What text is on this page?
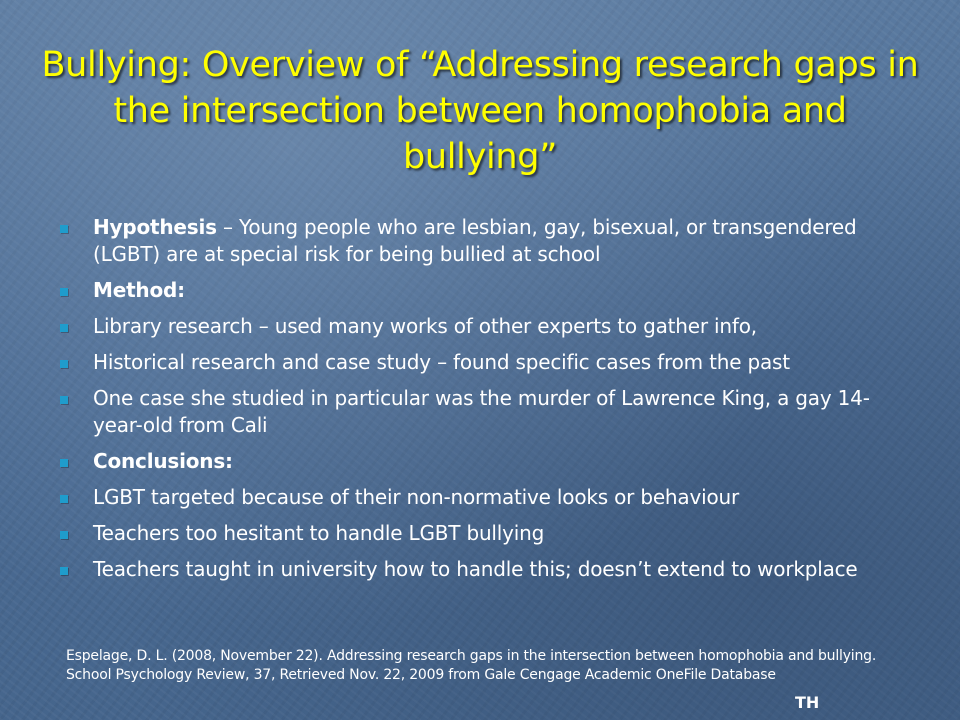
Bullying: Overview of “Addressing research gaps in the intersection between homophobia and bullying”
Hypothesis – Young people who are lesbian, gay, bisexual, or transgendered (LGBT) are at special risk for being bullied at school
Method:
Library research – used many works of other experts to gather info,
Historical research and case study – found specific cases from the past
One case she studied in particular was the murder of Lawrence King, a gay 14-year-old from Cali
Conclusions:
LGBT targeted because of their non-normative looks or behaviour
Teachers too hesitant to handle LGBT bullying
Teachers taught in university how to handle this; doesn’t extend to workplace
Espelage, D. L. (2008, November 22). Addressing research gaps in the intersection between homophobia and bullying.
School Psychology Review, 37, Retrieved Nov. 22, 2009 from Gale Cengage Academic OneFile Database
TH
